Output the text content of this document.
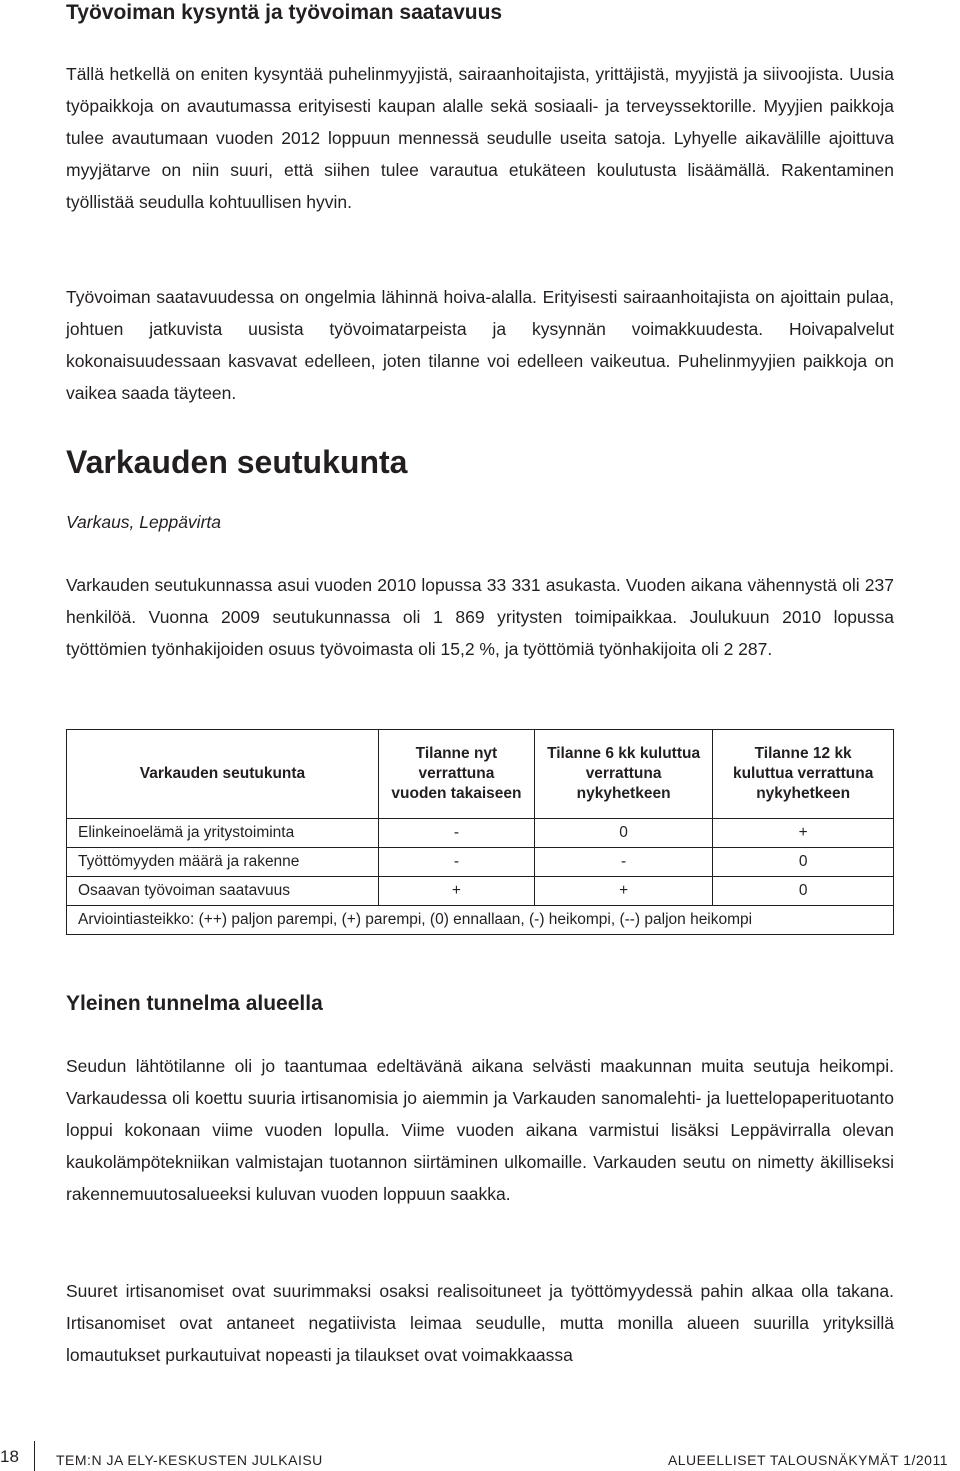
Työvoiman kysyntä ja työvoiman saatavuus

Tällä hetkellä on eniten kysyntää puhelinmyyjistä, sairaanhoitajista, yrittäjistä, myyjistä ja siivoojista. Uusia työpaikkoja on avautumassa erityisesti kaupan alalle sekä sosiaali- ja terveyssektorille. Myyjien paikkoja tulee avautumaan vuoden 2012 loppuun mennessä seudulle useita satoja. Lyhyelle aikavälille ajoittuva myyjätarve on niin suuri, että siihen tulee varautua etukäteen koulutusta lisäämällä. Rakentaminen työllistää seudulla kohtuullisen hyvin.

Työvoiman saatavuudessa on ongelmia lähinnä hoiva-alalla. Erityisesti sairaanhoitajista on ajoittain pulaa, johtuen jatkuvista uusista työvoimatarpeista ja kysynnän voimakkuudesta. Hoivapalvelut kokonaisuudessaan kasvavat edelleen, joten tilanne voi edelleen vaikeutua. Puhelinmyyjien paikkoja on vaikea saada täyteen.

Varkauden seutukunta
Varkaus, Leppävirta

Varkauden seutukunnassa asui vuoden 2010 lopussa 33 331 asukasta. Vuoden aikana vähennystä oli 237 henkilöä. Vuonna 2009 seutukunnassa oli 1 869 yritysten toimipaikkaa. Joulukuun 2010 lopussa työttömien työnhakijoiden osuus työvoimasta oli 15,2 %, ja työttömiä työnhakijoita oli 2 287.

Varkauden seutukunta	Tilanne nyt verrattuna vuoden takaiseen	Tilanne 6 kk kuluttua verrattuna nykyhetkeen	Tilanne 12 kk kuluttua verrattuna nykyhetkeen
Elinkeinoelämä ja yritystoiminta	-	0	+
Työttömyyden määrä ja rakenne	-	-	0
Osaavan työvoiman saatavuus	+	+	0
Arviointiasteikko: (++) paljon parempi, (+) parempi, (0) ennallaan, (-) heikompi, (--) paljon heikompi			
Yleinen tunnelma alueella

Seudun lähtötilanne oli jo taantumaa edeltävänä aikana selvästi maakunnan muita seutuja heikompi. Varkaudessa oli koettu suuria irtisanomisia jo aiemmin ja Varkauden sanomalehti- ja luettelopaperituotanto loppui kokonaan viime vuoden lopulla. Viime vuoden aikana varmistui lisäksi Leppävirralla olevan kaukolämpötekniikan valmistajan tuotannon siirtäminen ulkomaille. Varkauden seutu on nimetty äkilliseksi rakennemuutosalueeksi kuluvan vuoden loppuun saakka.

Suuret irtisanomiset ovat suurimmaksi osaksi realisoituneet ja työttömyydessä pahin alkaa olla takana. Irtisanomiset ovat antaneet negatiivista leimaa seudulle, mutta monilla alueen suurilla yrityksillä lomautukset purkautuivat nopeasti ja tilaukset ovat voimakkaassa

18	TEM:N JA ELY-KESKUSTEN JULKAISU	ALUEELLISET TALOUSNÄKYMÄT 1/2011
